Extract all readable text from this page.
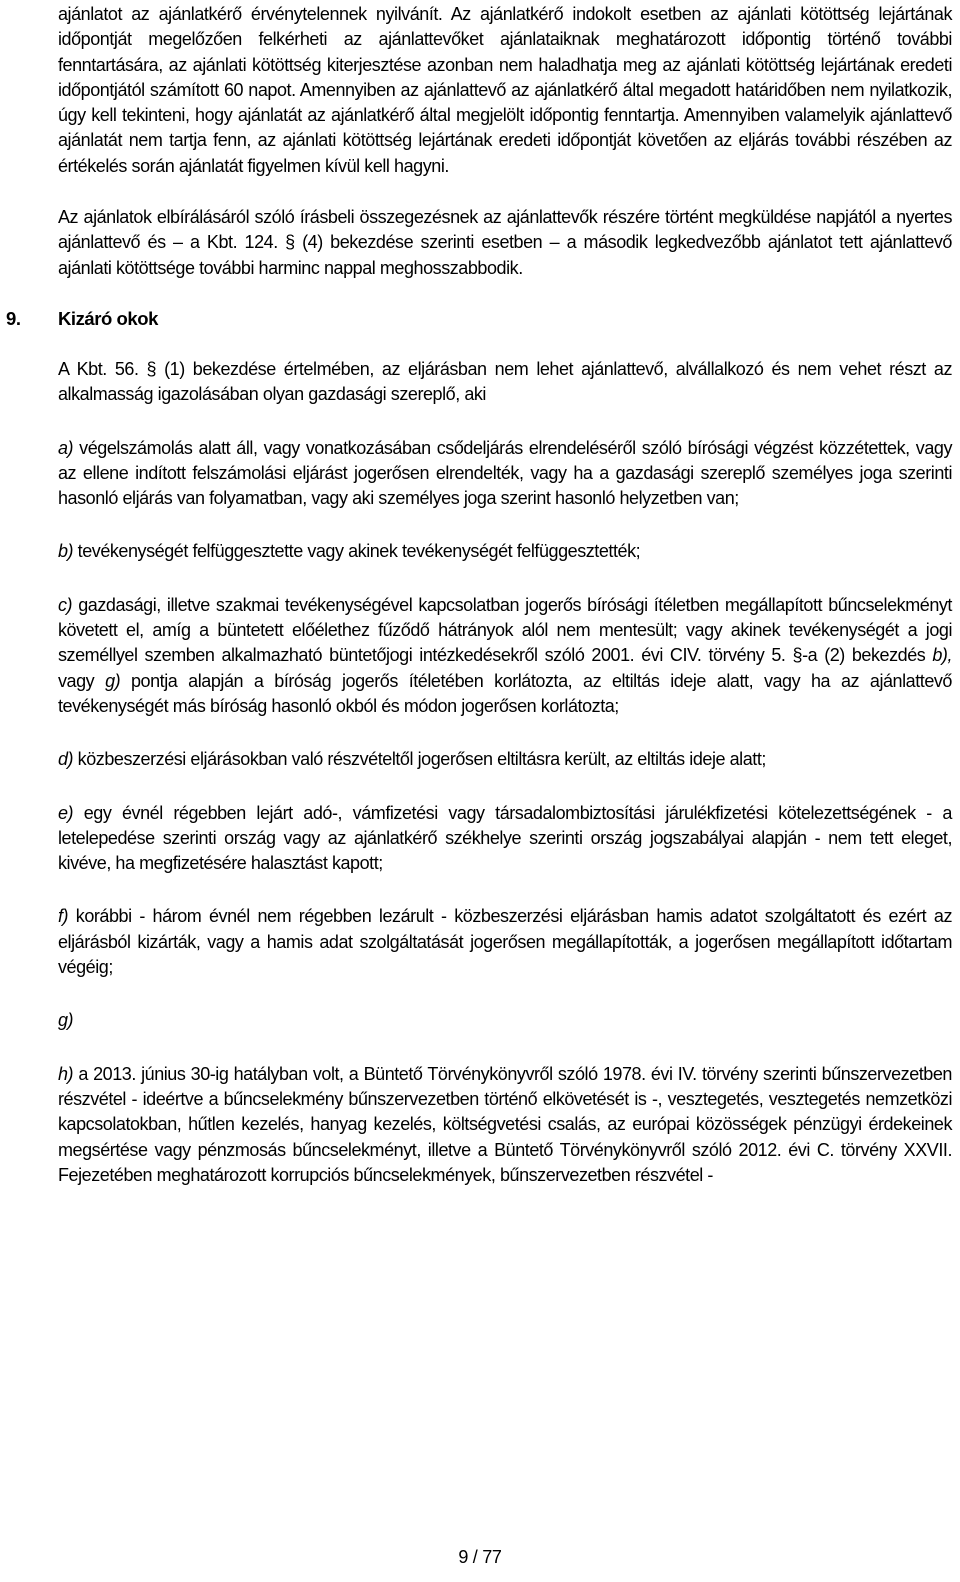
ajánlatot az ajánlatkérő érvénytelennek nyilvánít. Az ajánlatkérő indokolt esetben az ajánlati kötöttség lejártának időpontját megelőzően felkérheti az ajánlattevőket ajánlataiknak meghatározott időpontig történő további fenntartására, az ajánlati kötöttség kiterjesztése azonban nem haladhatja meg az ajánlati kötöttség lejártának eredeti időpontjától számított 60 napot. Amennyiben az ajánlattevő az ajánlatkérő által megadott határidőben nem nyilatkozik, úgy kell tekinteni, hogy ajánlatát az ajánlatkérő által megjelölt időpontig fenntartja. Amennyiben valamelyik ajánlattevő ajánlatát nem tartja fenn, az ajánlati kötöttség lejártának eredeti időpontját követően az eljárás további részében az értékelés során ajánlatát figyelmen kívül kell hagyni.

Az ajánlatok elbírálásáról szóló írásbeli összegezésnek az ajánlattevők részére történt megküldése napjától a nyertes ajánlattevő és – a Kbt. 124. § (4) bekezdése szerinti esetben – a második legkedvezőbb ajánlatot tett ajánlattevő ajánlati kötöttsége további harminc nappal meghosszabbodik.

9. Kizáró okok

A Kbt. 56. § (1) bekezdése értelmében, az eljárásban nem lehet ajánlattevő, alvállalkozó és nem vehet részt az alkalmasság igazolásában olyan gazdasági szereplő, aki

a) végelszámolás alatt áll, vagy vonatkozásában csődeljárás elrendeléséről szóló bírósági végzést közzétettek, vagy az ellene indított felszámolási eljárást jogerősen elrendelték, vagy ha a gazdasági szereplő személyes joga szerinti hasonló eljárás van folyamatban, vagy aki személyes joga szerint hasonló helyzetben van;

b) tevékenységét felfüggesztette vagy akinek tevékenységét felfüggesztették;

c) gazdasági, illetve szakmai tevékenységével kapcsolatban jogerős bírósági ítéletben megállapított bűncselekményt követett el, amíg a büntetett előélethez fűződő hátrányok alól nem mentesült; vagy akinek tevékenységét a jogi személlyel szemben alkalmazható büntetőjogi intézkedésekről szóló 2001. évi CIV. törvény 5. §-a (2) bekezdés b), vagy g) pontja alapján a bíróság jogerős ítéletében korlátozta, az eltiltás ideje alatt, vagy ha az ajánlattevő tevékenységét más bíróság hasonló okból és módon jogerősen korlátozta;

d) közbeszerzési eljárásokban való részvételtől jogerősen eltiltásra került, az eltiltás ideje alatt;

e) egy évnél régebben lejárt adó-, vámfizetési vagy társadalombiztosítási járulékfizetési kötelezettségének - a letelepedése szerinti ország vagy az ajánlatkérő székhelye szerinti ország jogszabályai alapján - nem tett eleget, kivéve, ha megfizetésére halasztást kapott;

f) korábbi - három évnél nem régebben lezárult - közbeszerzési eljárásban hamis adatot szolgáltatott és ezért az eljárásból kizárták, vagy a hamis adat szolgáltatását jogerősen megállapították, a jogerősen megállapított időtartam végéig;

g)

h) a 2013. június 30-ig hatályban volt, a Büntető Törvénykönyvről szóló 1978. évi IV. törvény szerinti bűnszervezetben részvétel - ideértve a bűncselekmény bűnszervezetben történő elkövetését is -, vesztegetés, vesztegetés nemzetközi kapcsolatokban, hűtlen kezelés, hanyag kezelés, költségvetési csalás, az európai közösségek pénzügyi érdekeinek megsértése vagy pénzmosás bűncselekményt, illetve a Büntető Törvénykönyvről szóló 2012. évi C. törvény XXVII. Fejezetében meghatározott korrupciós bűncselekmények, bűnszervezetben részvétel -

9 / 77
